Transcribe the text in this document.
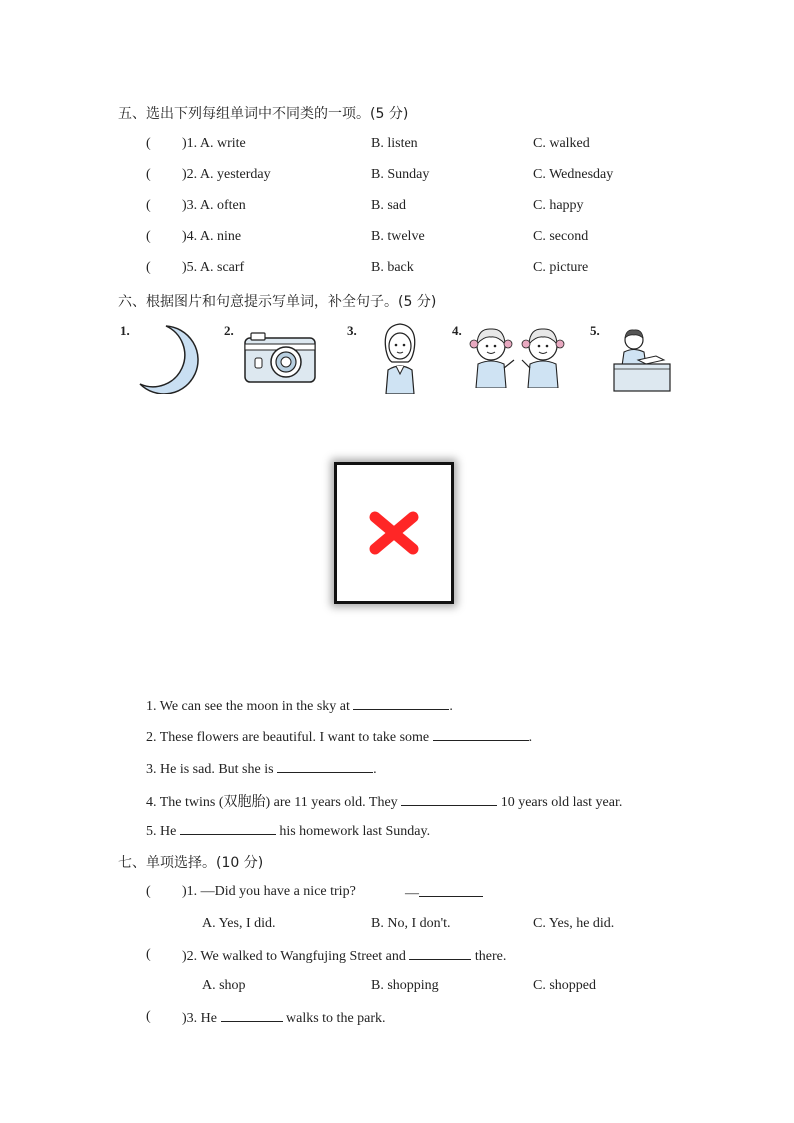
五、选出下列每组单词中不同类的一项。(5 分)
( )1. A. write	B. listen	C. walked
( )2. A. yesterday	B. Sunday	C. Wednesday
( )3. A. often	B. sad	C. happy
( )4. A. nine	B. twelve	C. second
( )5. A. scarf	B. back	C. picture
六、根据图片和句意提示写单词，补全句子。(5 分)
1.	2.	3.	4.	5.
1. We can see the moon in the sky at	.
2. These flowers are beautiful. I want to take some	.
3. He is sad. But she is	.
4. The twins (双胞胎) are 11 years old. They	10 years old last year.
5. He	his homework last Sunday.
七、单项选择。(10 分)
( )1. —Did you have a nice trip?	—
A. Yes, I did.	B. No, I don't.	C. Yes, he did.
( )2. We walked to Wangfujing Street and	there.
A. shop	B. shopping	C. shopped
( )3. He	walks to the park.
